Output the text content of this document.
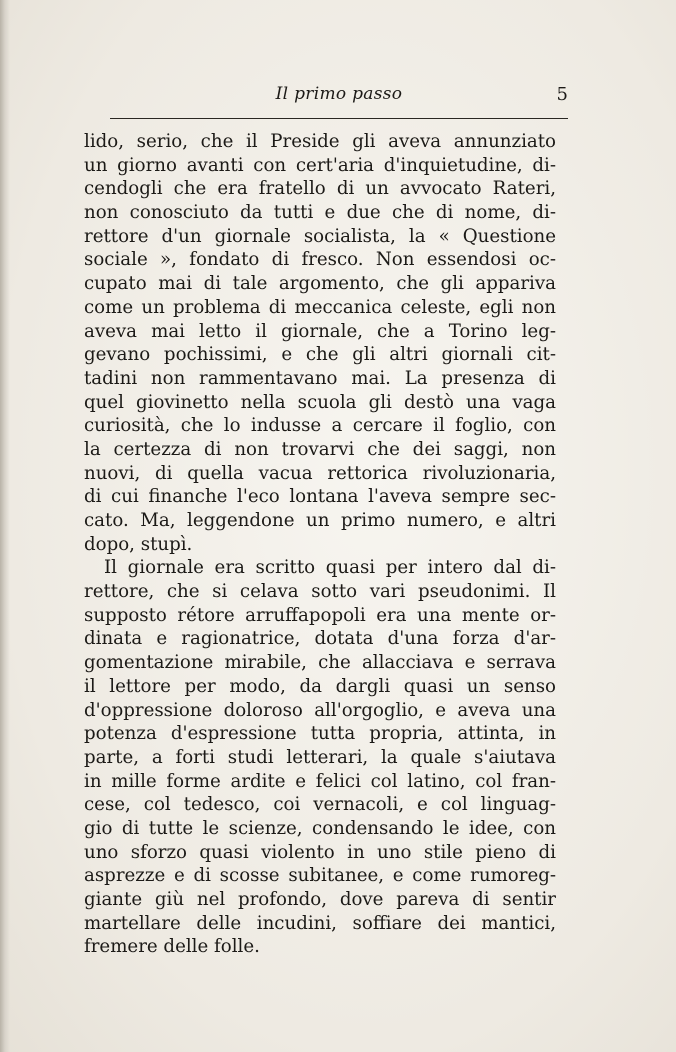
Il primo passo	5
lido, serio, che il Preside gli aveva annunziato
un giorno avanti con cert'aria d'inquietudine, di-
cendogli che era fratello di un avvocato Rateri,
non conosciuto da tutti e due che di nome, di-
rettore d'un giornale socialista, la « Questione
sociale », fondato di fresco. Non essendosi oc-
cupato mai di tale argomento, che gli appariva
come un problema di meccanica celeste, egli non
aveva mai letto il giornale, che a Torino leg-
gevano pochissimi, e che gli altri giornali cit-
tadini non rammentavano mai. La presenza di
quel giovinetto nella scuola gli destò una vaga
curiosità, che lo indusse a cercare il foglio, con
la certezza di non trovarvi che dei saggi, non
nuovi, di quella vacua rettorica rivoluzionaria,
di cui finanche l'eco lontana l'aveva sempre sec-
cato. Ma, leggendone un primo numero, e altri
dopo, stupì.
Il giornale era scritto quasi per intero dal di-
rettore, che si celava sotto vari pseudonimi. Il
supposto rétore arruffapopoli era una mente or-
dinata e ragionatrice, dotata d'una forza d'ar-
gomentazione mirabile, che allacciava e serrava
il lettore per modo, da dargli quasi un senso
d'oppressione doloroso all'orgoglio, e aveva una
potenza d'espressione tutta propria, attinta, in
parte, a forti studi letterari, la quale s'aiutava
in mille forme ardite e felici col latino, col fran-
cese, col tedesco, coi vernacoli, e col linguag-
gio di tutte le scienze, condensando le idee, con
uno sforzo quasi violento in uno stile pieno di
asprezze e di scosse subitanee, e come rumoreg-
giante giù nel profondo, dove pareva di sentir
martellare delle incudini, soffiare dei mantici,
fremere delle folle.
